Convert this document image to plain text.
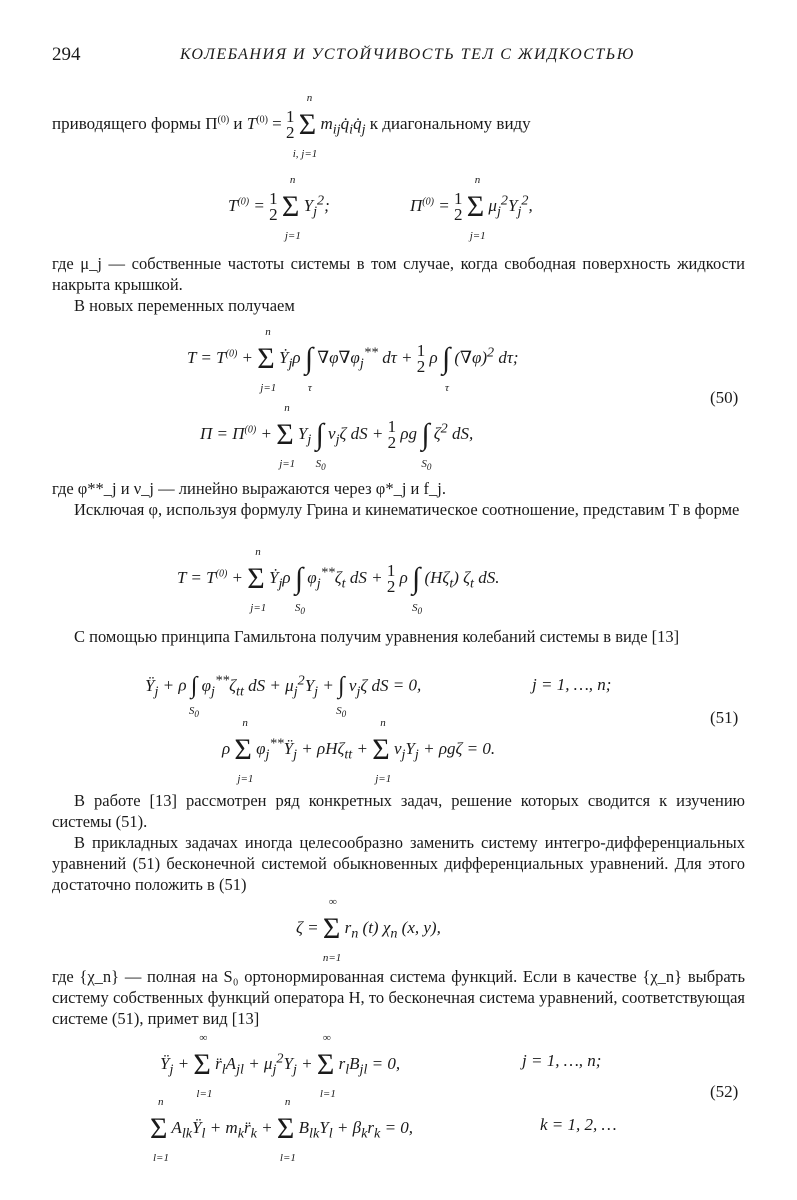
294	КОЛЕБАНИЯ И УСТОЙЧИВОСТЬ ТЕЛ С ЖИДКОСТЬЮ
приводящего формы $П^{(0)}$ и $T^{(0)} = 1$
2 Σ
n
i, j=1
$m_{ij}q̇_iq̇_j$ к диагональному виду
$T^{(0)} = 1$
2 Σ
n
j=1
$Y_j^2$;	$П^{(0)} = 1$
2 Σ
n
j=1
$\mu_j^2Y_j^2$,
где μ_j — собственные частоты системы в том случае, когда свободная поверхность жидкости накрыта крышкой.
В новых переменных получаем
$T = T^{(0)} + \Sigma$
n
j=1
Ẏ$_j$ρ ∫
τ
$\nabla\varphi\nabla\varphi_j^{**}$ dτ + 1
2 ρ ∫
τ
$(\nabla\varphi)^2$ dτ;
$П = П^{(0)} + \Sigma$
n
j=1
$Y_j$ ∫
$S_0$
$\nu_j\zeta$ dS + 1
2 ρg ∫
$S_0$
$\zeta^2$ dS,
(50)
где φ**_j и ν_j — линейно выражаются через φ*_j и f_j.
Исключая φ, используя формулу Грина и кинематическое соотношение, представим T в форме
$T = T^{(0)} + \Sigma$
n
j=1
Ẏ$_j$ρ ∫
$S_0$
$\varphi_j^{**}\zeta_t$ dS + 1
2 ρ ∫
$S_0$
$(H\zeta_t)$ $\zeta_t$ dS.
С помощью принципа Гамильтона получим уравнения колебаний системы в виде [13]
$Ÿ_j + \rho$ ∫
$S_0$
$\varphi_j^{**}\zeta_{tt}$ dS + $\mu_j^2Y_j$ + ∫
$S_0$
$\nu_j\zeta$ dS = 0,	j = 1, …, n;
ρ Σ
n
j=1
$\varphi_j^{**}Ÿ_j + \rho H\zeta_{tt} + \Sigma$
n
j=1
$\nu_jY_j + \rho g\zeta = 0$.
(51)
В работе [13] рассмотрен ряд конкретных задач, решение которых сводится к изучению системы (51).
В прикладных задачах иногда целесообразно заменить систему интегро-дифференциальных уравнений (51) бесконечной системой обыкновенных дифференциальных уравнений. Для этого достаточно положить в (51)
ζ = Σ
∞
n=1
$r_n$ (t) $\chi_n$ (x, y),
где {χ_n} — полная на S₀ ортонормированная система функций. Если в качестве {χ_n} выбрать систему собственных функций оператора H, то бесконечная система уравнений, соответствующая системе (51), примет вид [13]
$Ÿ_j + \Sigma$
∞
l=1
$r̈_lA_{jl} + \mu_j^2Y_j + \Sigma$
∞
l=1
$r_lB_{jl} = 0$,	j = 1, …, n;
Σ
n
l=1
$A_{lk}Ÿ_l$ + $m_kr̈_k + \Sigma$
n
l=1
$B_{lk}Y_l + \beta_kr_k = 0$,	k = 1, 2, …
(52)
